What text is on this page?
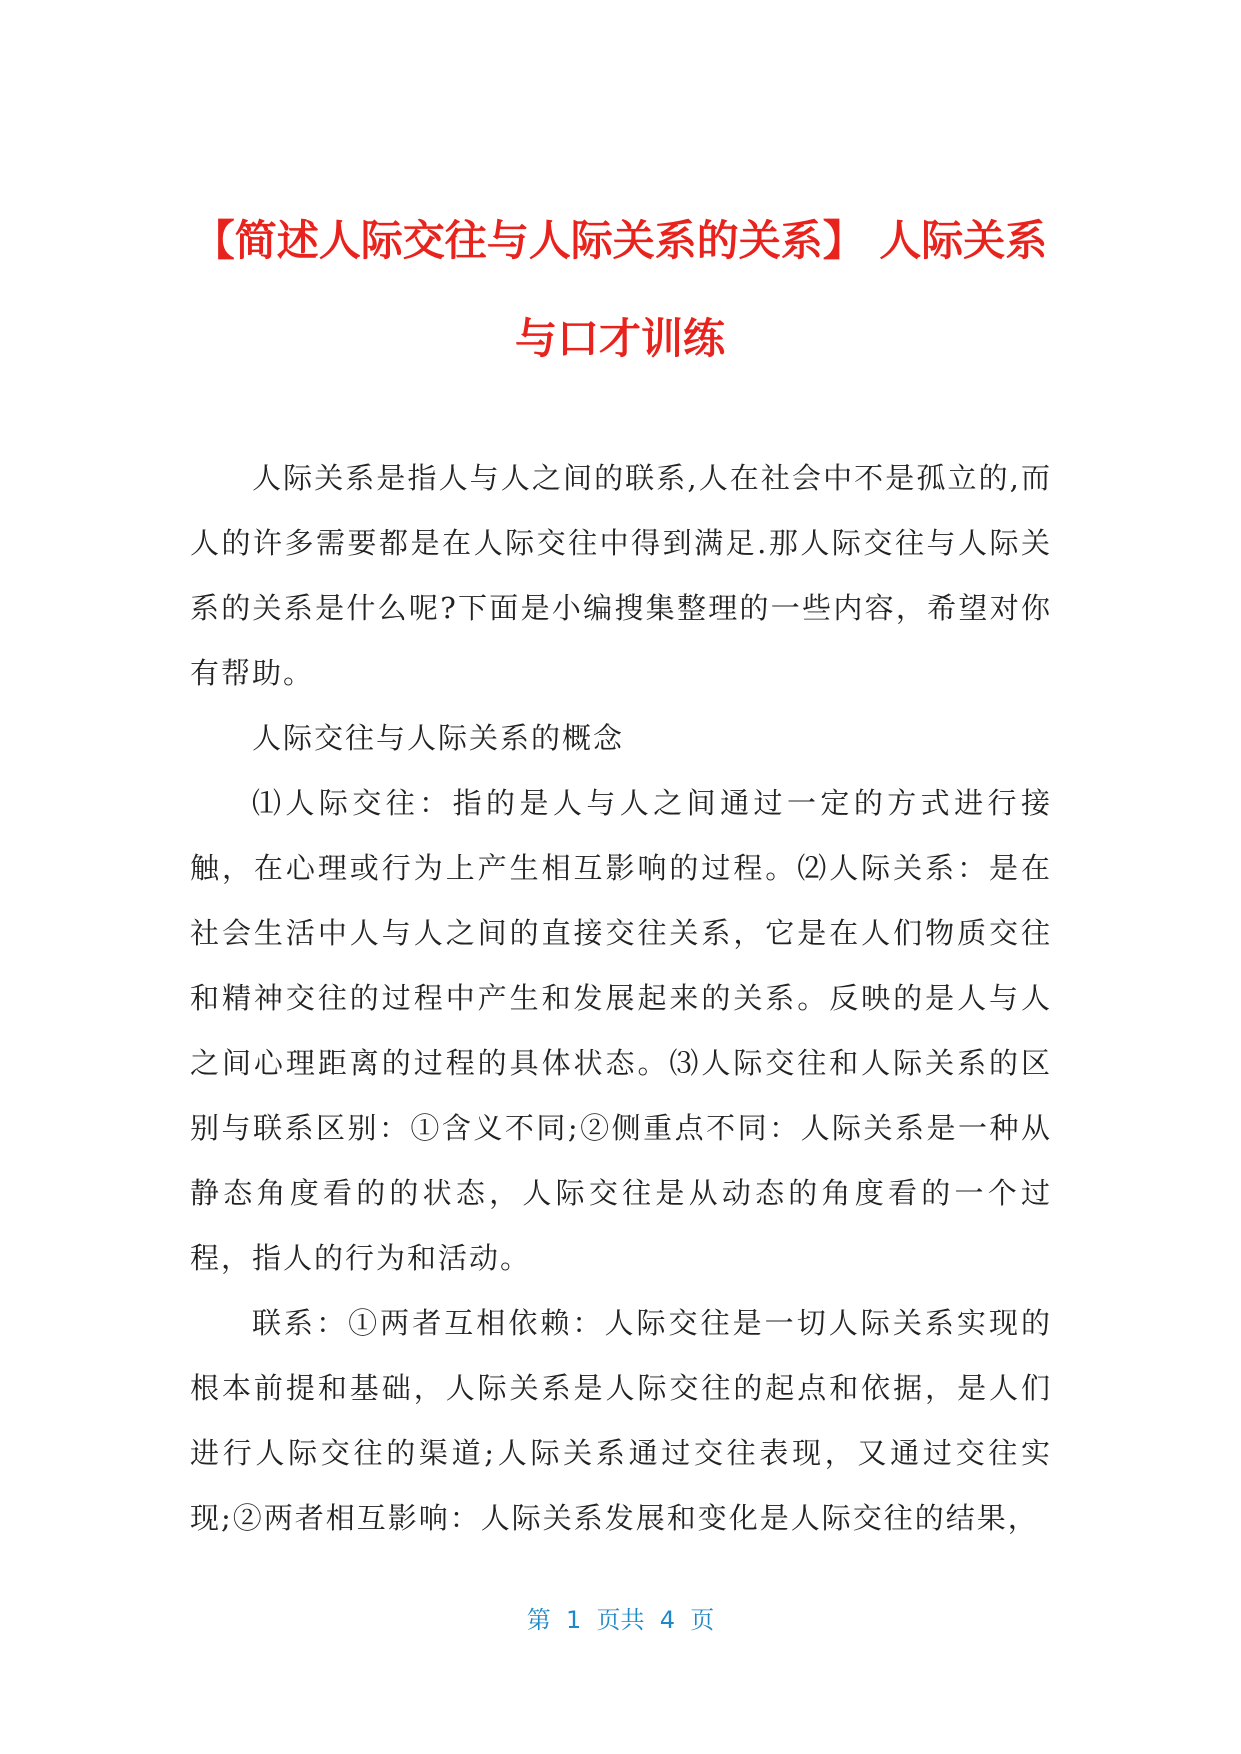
【简述人际交往与人际关系的关系】 人际关系与口才训练

人际关系是指人与人之间的联系,人在社会中不是孤立的,而人的许多需要都是在人际交往中得到满足.那人际交往与人际关系的关系是什么呢?下面是小编搜集整理的一些内容，希望对你有帮助。

人际交往与人际关系的概念

⑴人际交往：指的是人与人之间通过一定的方式进行接触，在心理或行为上产生相互影响的过程。⑵人际关系：是在社会生活中人与人之间的直接交往关系，它是在人们物质交往和精神交往的过程中产生和发展起来的关系。反映的是人与人之间心理距离的过程的具体状态。⑶人际交往和人际关系的区别与联系区别：①含义不同;②侧重点不同：人际关系是一种从静态角度看的的状态，人际交往是从动态的角度看的一个过程，指人的行为和活动。

联系：①两者互相依赖：人际交往是一切人际关系实现的根本前提和基础，人际关系是人际交往的起点和依据，是人们进行人际交往的渠道;人际关系通过交往表现，又通过交往实现;②两者相互影响：人际关系发展和变化是人际交往的结果，

第  1  页共  4  页
